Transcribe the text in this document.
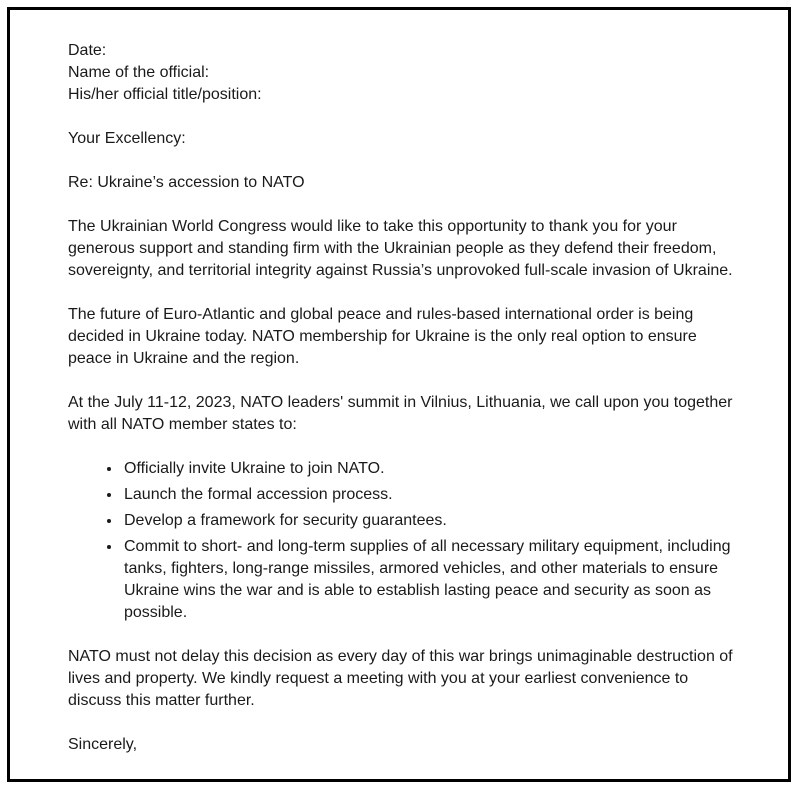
Date:
Name of the official:
His/her official title/position:

Your Excellency:

Re: Ukraine’s accession to NATO

The Ukrainian World Congress would like to take this opportunity to thank you for your generous support and standing firm with the Ukrainian people as they defend their freedom, sovereignty, and territorial integrity against Russia’s unprovoked full-scale invasion of Ukraine.

The future of Euro-Atlantic and global peace and rules-based international order is being decided in Ukraine today. NATO membership for Ukraine is the only real option to ensure peace in Ukraine and the region.

At the July 11-12, 2023, NATO leaders' summit in Vilnius, Lithuania, we call upon you together with all NATO member states to:

• Officially invite Ukraine to join NATO.
• Launch the formal accession process.
• Develop a framework for security guarantees.
• Commit to short- and long-term supplies of all necessary military equipment, including tanks, fighters, long-range missiles, armored vehicles, and other materials to ensure Ukraine wins the war and is able to establish lasting peace and security as soon as possible.

NATO must not delay this decision as every day of this war brings unimaginable destruction of lives and property. We kindly request a meeting with you at your earliest convenience to discuss this matter further.

Sincerely,
